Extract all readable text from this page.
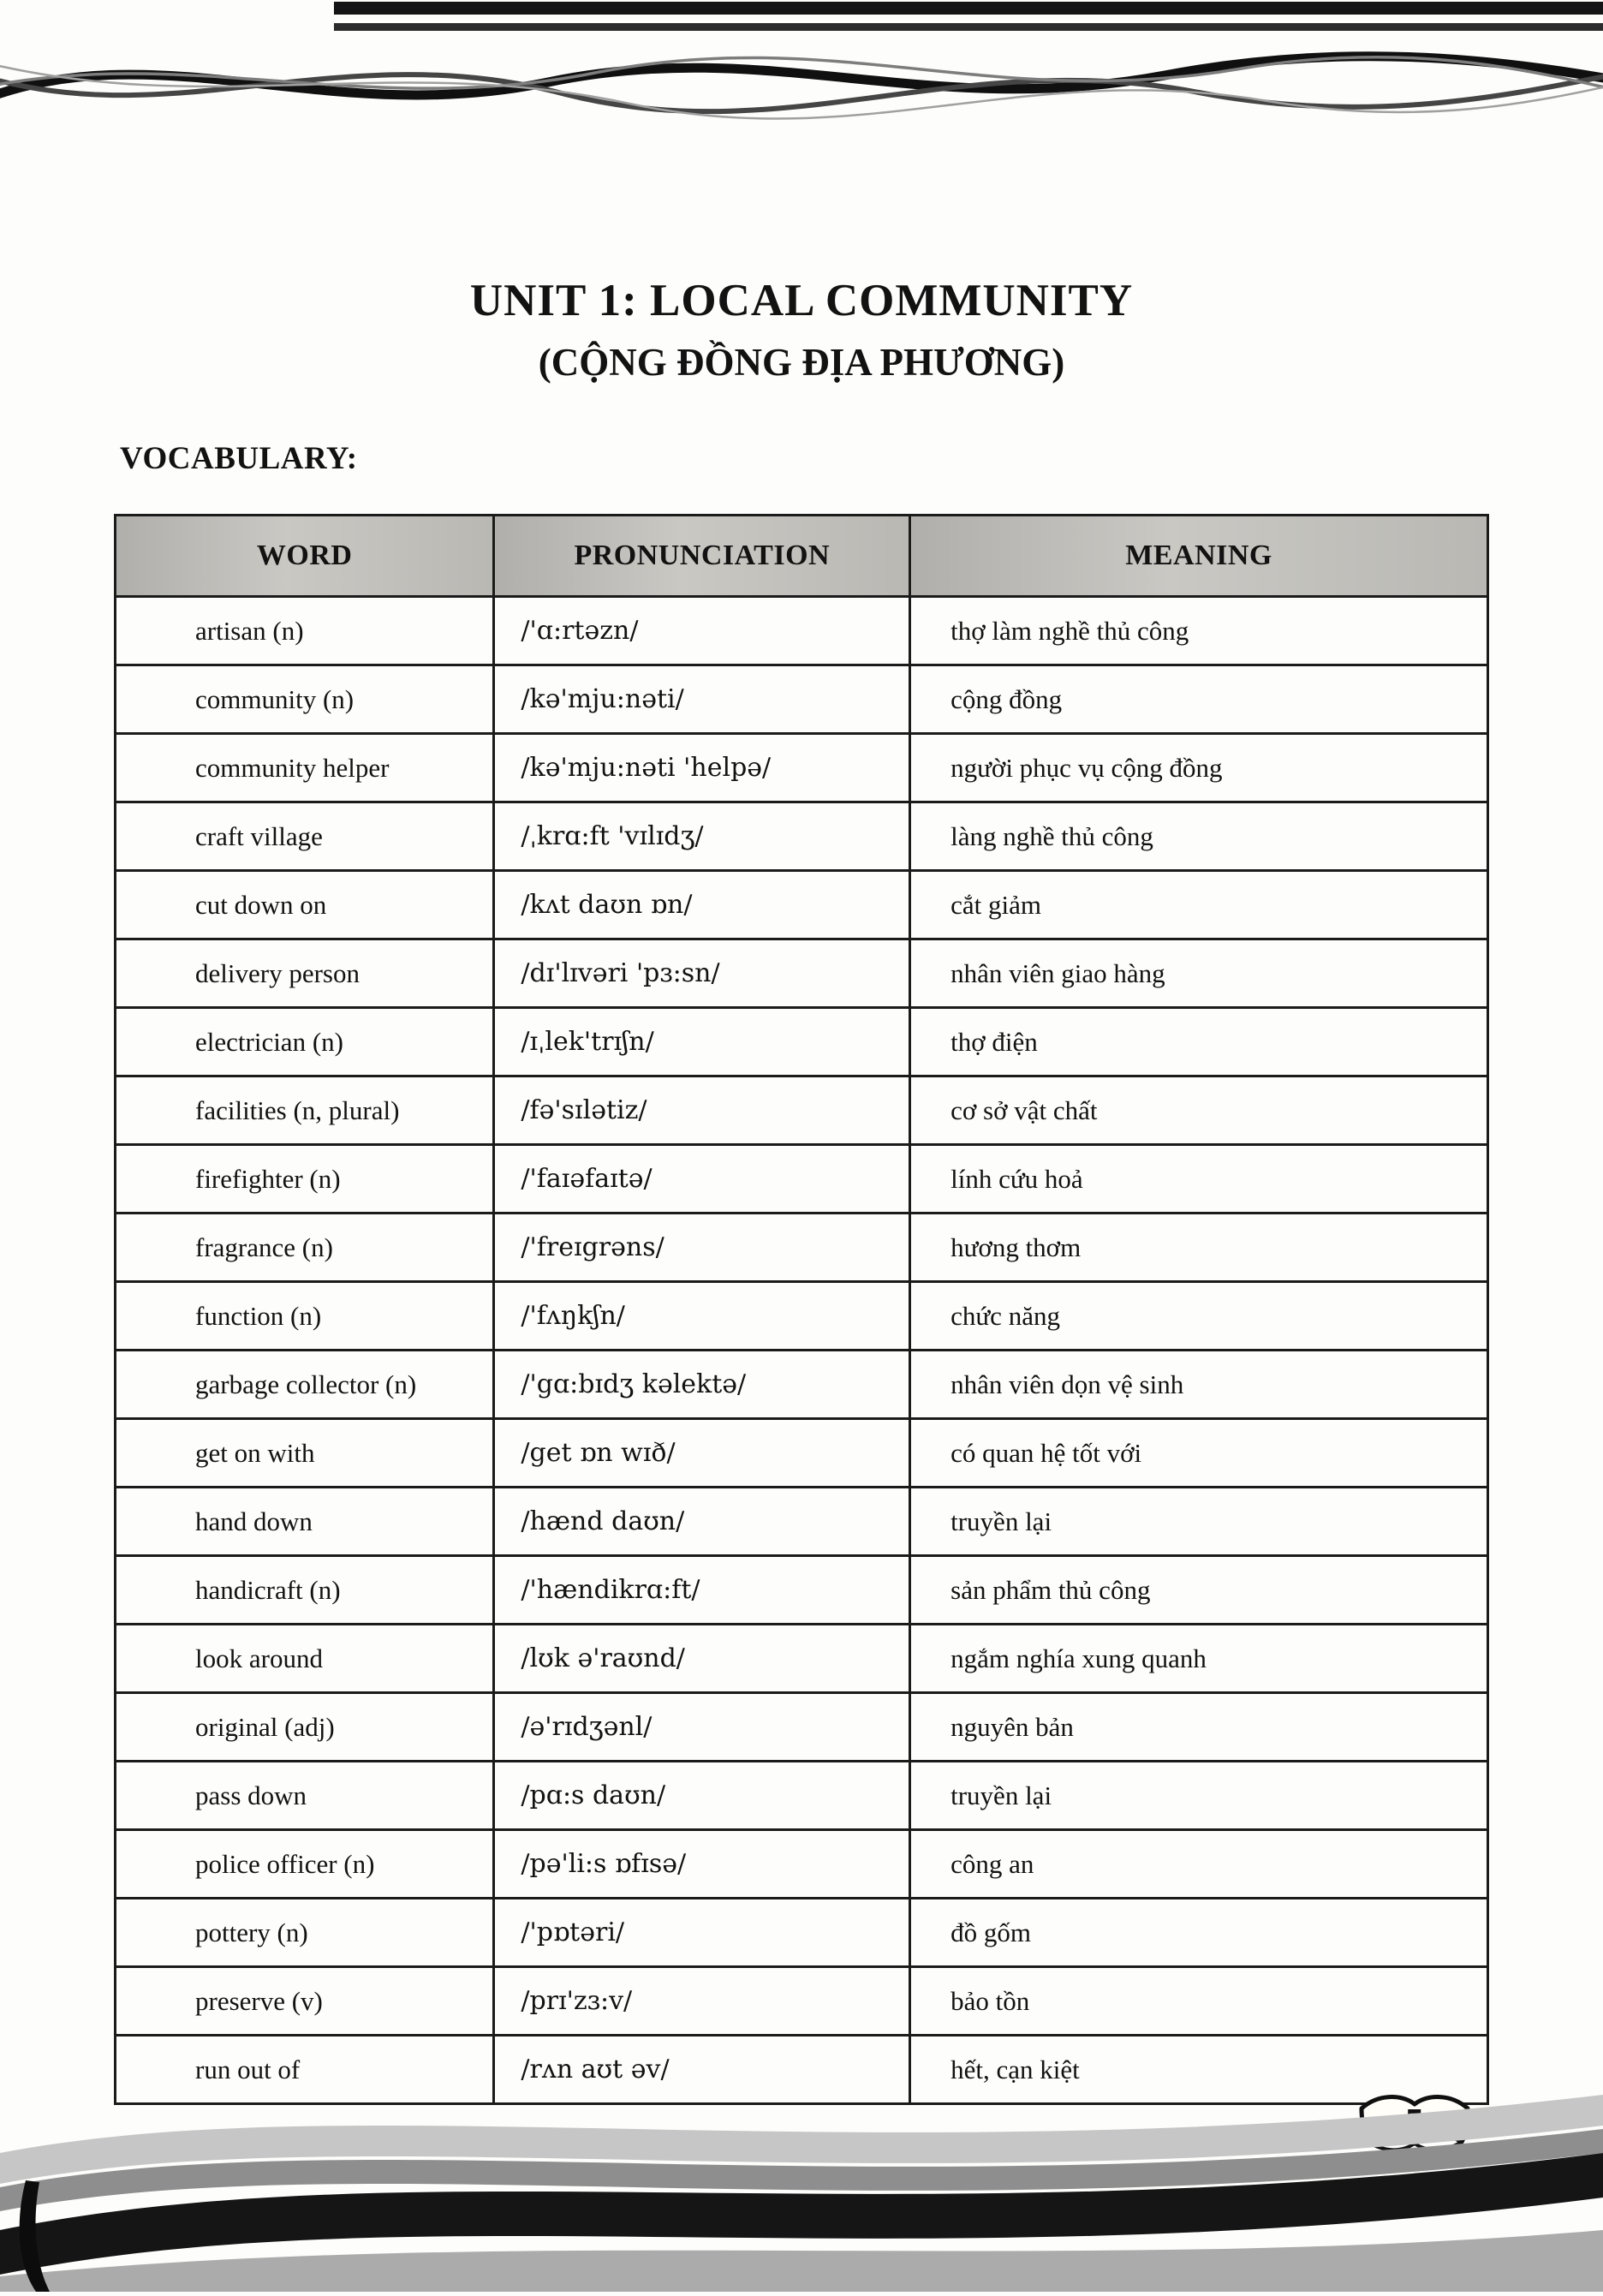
UNIT 1: LOCAL COMMUNITY
(CỘNG ĐỒNG ĐỊA PHƯƠNG)
VOCABULARY:
WORD	PRONUNCIATION	MEANING
artisan (n)	/'ɑ:rtəzn/	thợ làm nghề thủ công
community (n)	/kə'mju:nəti/	cộng đồng
community helper	/kə'mju:nəti 'helpə/	người phục vụ cộng đồng
craft village	/ˌkrɑ:ft 'vɪlɪdʒ/	làng nghề thủ công
cut down on	/kʌt daʊn ɒn/	cắt giảm
delivery person	/dɪ'lɪvəri 'pɜ:sn/	nhân viên giao hàng
electrician (n)	/ɪˌlek'trɪʃn/	thợ điện
facilities (n, plural)	/fə'sɪlətiz/	cơ sở vật chất
firefighter (n)	/'faɪəfaɪtə/	lính cứu hoả
fragrance (n)	/'freɪgrəns/	hương thơm
function (n)	/'fʌŋkʃn/	chức năng
garbage collector (n)	/'gɑ:bɪdʒ kəlektə/	nhân viên dọn vệ sinh
get on with	/get ɒn wɪð/	có quan hệ tốt với
hand down	/hænd daʊn/	truyền lại
handicraft (n)	/'hændikrɑ:ft/	sản phẩm thủ công
look around	/lʊk ə'raʊnd/	ngắm nghía xung quanh
original (adj)	/ə'rɪdʒənl/	nguyên bản
pass down	/pɑ:s daʊn/	truyền lại
police officer (n)	/pə'li:s ɒfɪsə/	công an
pottery (n)	/'pɒtəri/	đồ gốm
preserve (v)	/prɪ'zɜ:v/	bảo tồn
run out of	/rʌn aʊt əv/	hết, cạn kiệt
